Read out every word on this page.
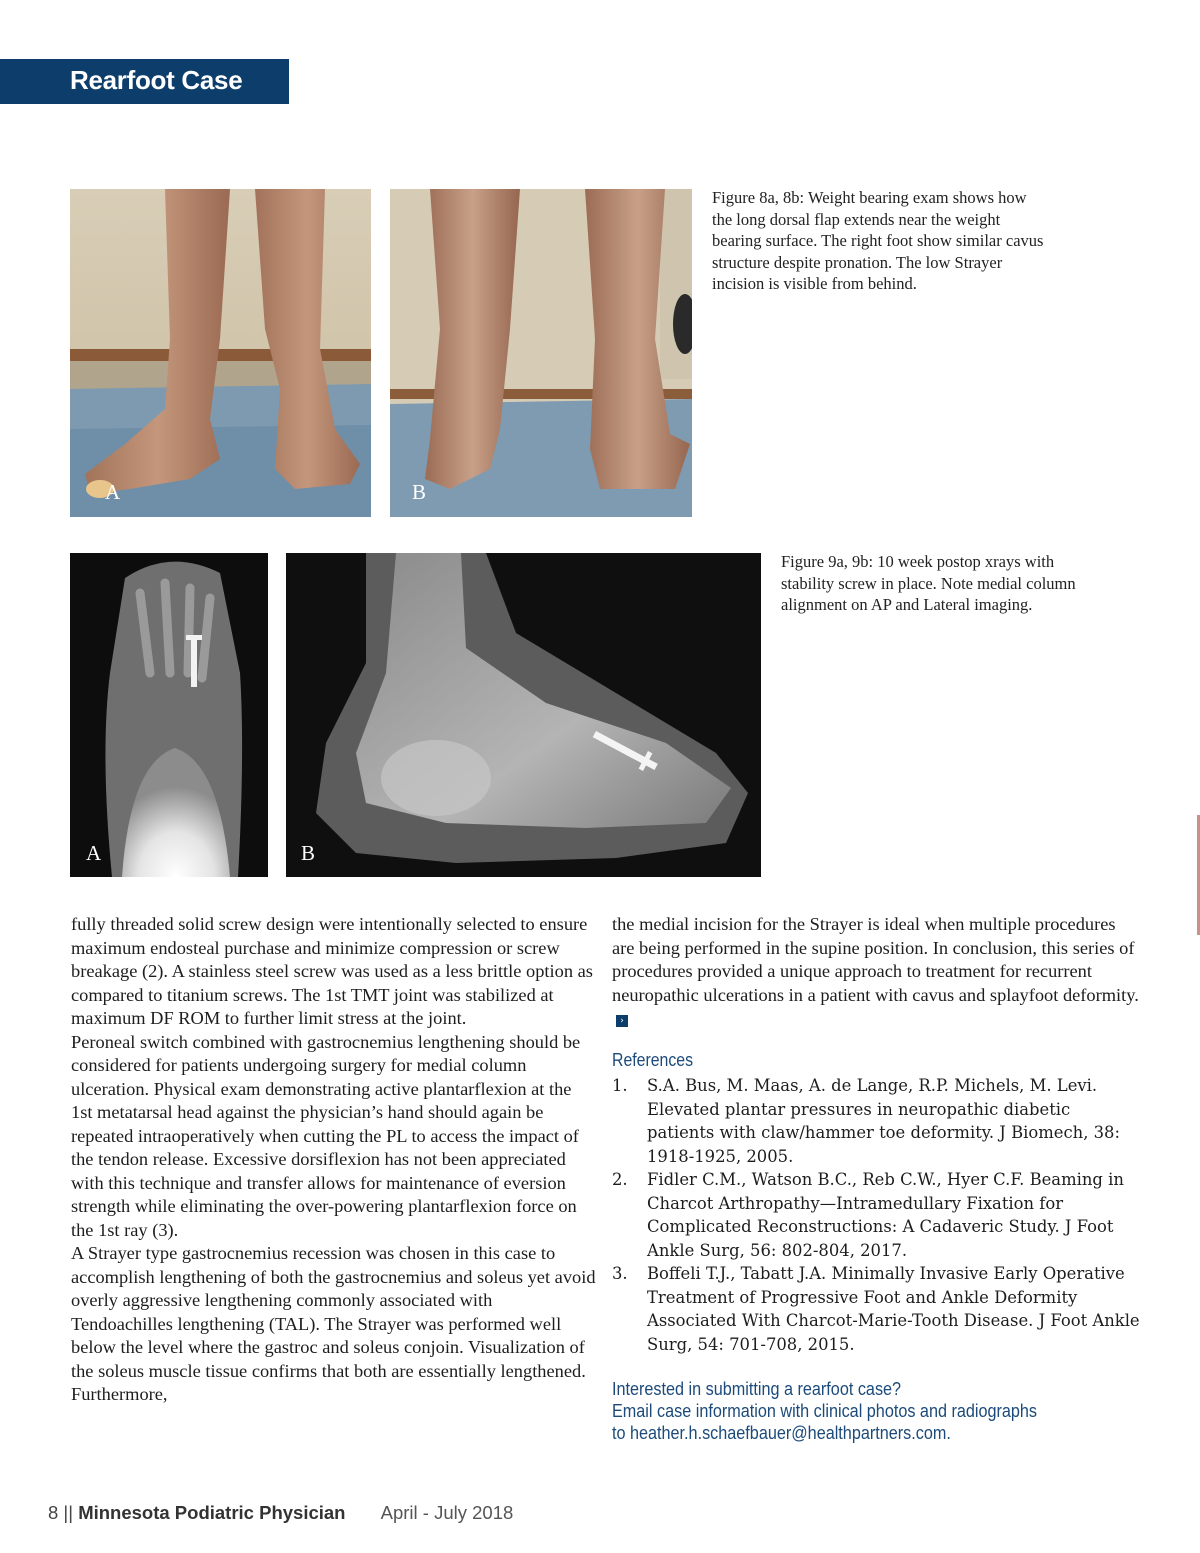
Rearfoot Case
A	B
Figure 8a, 8b: Weight bearing exam shows how the long dorsal flap extends near the weight bearing surface. The right foot show similar cavus structure despite pronation. The low Strayer incision is visible from behind.
A	B
Figure 9a, 9b: 10 week postop xrays with stability screw in place. Note medial column alignment on AP and Lateral imaging.

fully threaded solid screw design were intentionally selected to ensure maximum endosteal purchase and minimize compression or screw breakage (2). A stainless steel screw was used as a less brittle option as compared to titanium screws. The 1st TMT joint was stabilized at maximum DF ROM to further limit stress at the joint.

Peroneal switch combined with gastrocnemius lengthening should be considered for patients undergoing surgery for medial column ulceration. Physical exam demonstrating active plantarflexion at the 1st metatarsal head against the physician’s hand should again be repeated intraoperatively when cutting the PL to access the impact of the tendon release. Excessive dorsiflexion has not been appreciated with this technique and transfer allows for maintenance of eversion strength while eliminating the over-powering plantarflexion force on the 1st ray (3).

A Strayer type gastrocnemius recession was chosen in this case to accomplish lengthening of both the gastrocnemius and soleus yet avoid overly aggressive lengthening commonly associated with Tendoachilles lengthening (TAL). The Strayer was performed well below the level where the gastroc and soleus conjoin. Visualization of the soleus muscle tissue confirms that both are essentially lengthened. Furthermore,

the medial incision for the Strayer is ideal when multiple procedures are being performed in the supine position. In conclusion, this series of procedures provided a unique approach to treatment for recurrent neuropathic ulcerations in a patient with cavus and splayfoot deformity.›

References
1. S.A. Bus, M. Maas, A. de Lange, R.P. Michels, M. Levi. Elevated plantar pressures in neuropathic diabetic patients with claw/hammer toe deformity. J Biomech, 38: 1918-1925, 2005.
2. Fidler C.M., Watson B.C., Reb C.W., Hyer C.F. Beaming in Charcot Arthropathy—Intramedullary Fixation for Complicated Reconstructions: A Cadaveric Study. J Foot Ankle Surg, 56: 802-804, 2017.
3. Boffeli T.J., Tabatt J.A. Minimally Invasive Early Operative Treatment of Progressive Foot and Ankle Deformity Associated With Charcot-Marie-Tooth Disease. J Foot Ankle Surg, 54: 701-708, 2015.
Interested in submitting a rearfoot case?
Email case information with clinical photos and radiographs
to heather.h.schaefbauer@healthpartners.com.
8 || Minnesota Podiatric Physician April - July 2018
